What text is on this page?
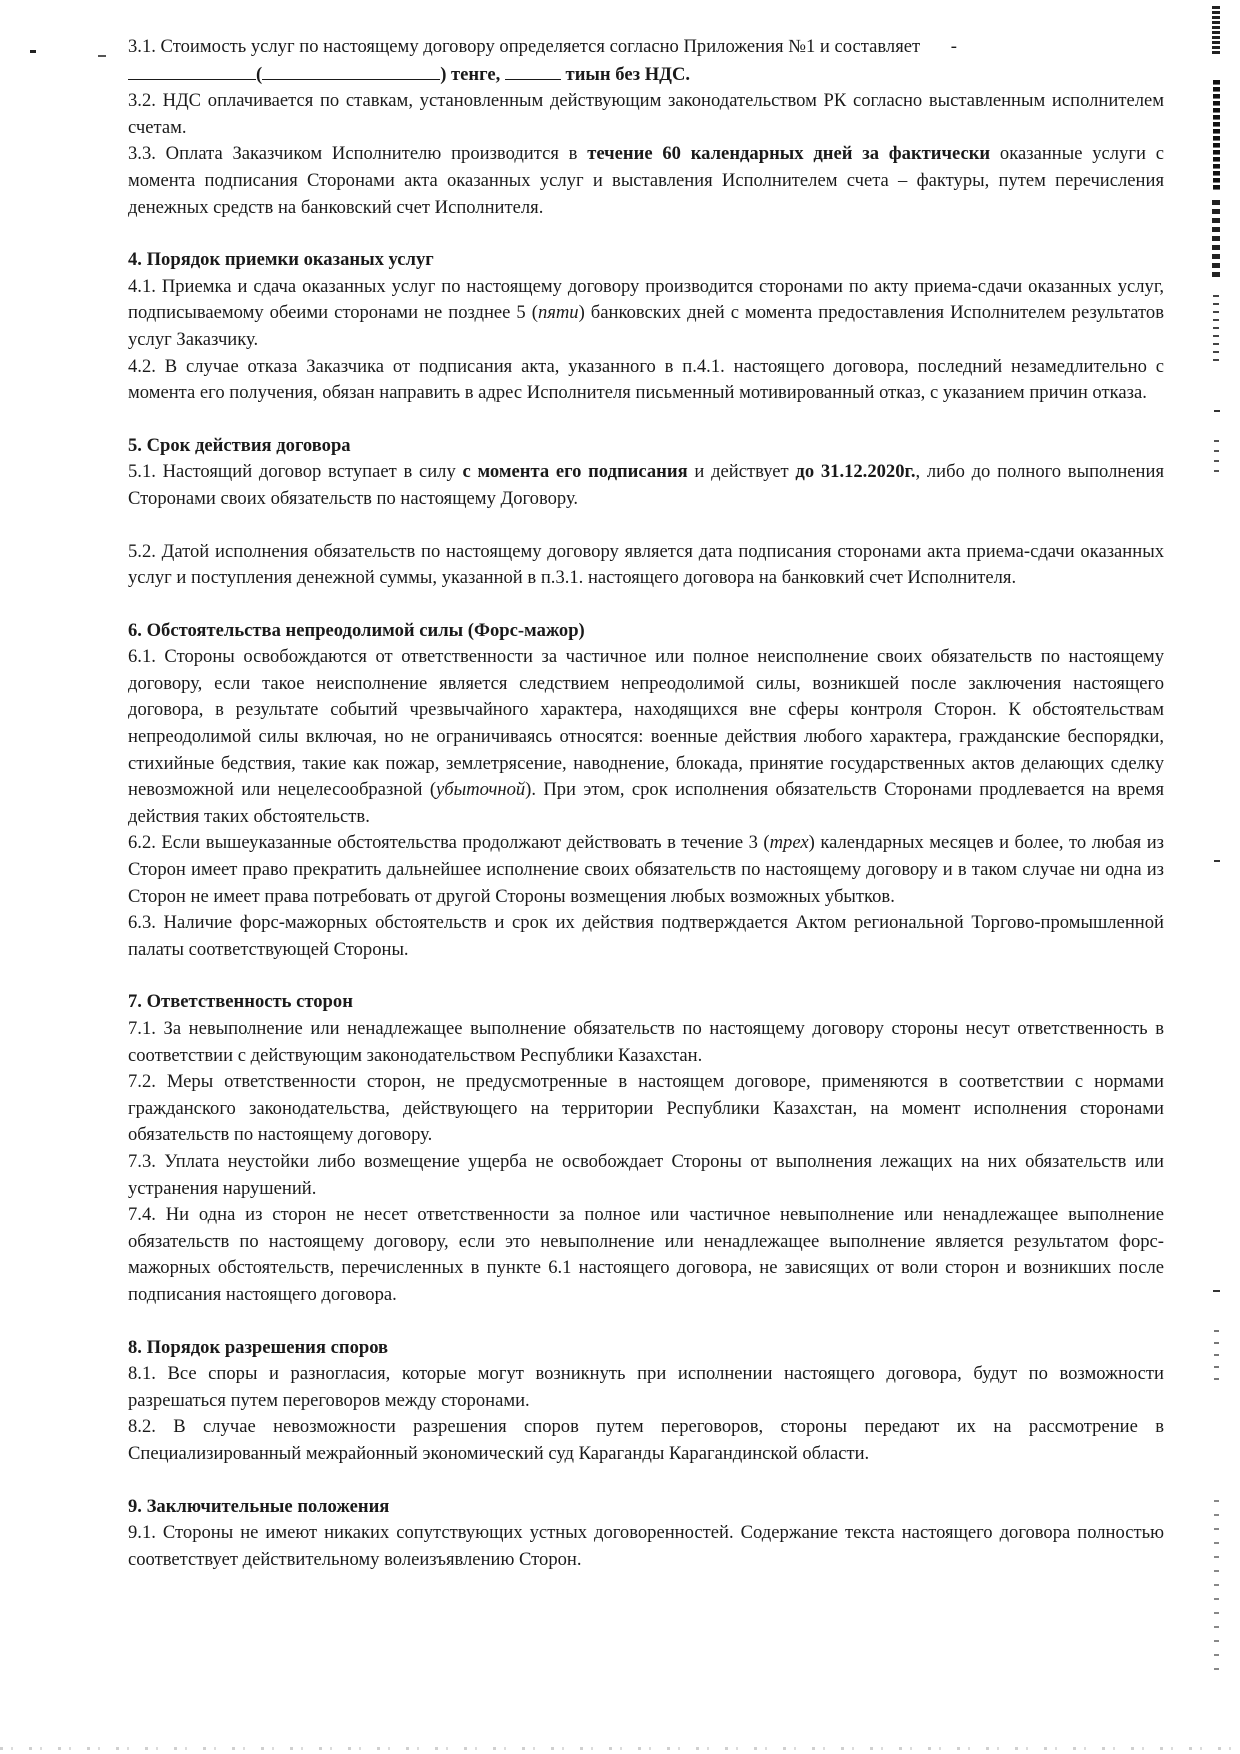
3.1. Стоимость услуг по настоящему договору определяется согласно Приложения №1 и составляет -
(	) тенге,	тиын без НДС.

3.2. НДС оплачивается по ставкам, установленным действующим законодательством РК согласно выставленным исполнителем счетам.

3.3. Оплата Заказчиком Исполнителю производится в течение 60 календарных дней за фактически оказанные услуги с момента подписания Сторонами акта оказанных услуг и выставления Исполнителем счета – фактуры, путем перечисления денежных средств на банковский счет Исполнителя.

4. Порядок приемки оказаных услуг

4.1. Приемка и сдача оказанных услуг по настоящему договору производится сторонами по акту приема-сдачи оказанных услуг, подписываемому обеими сторонами не позднее 5 (пяти) банковских дней с момента предоставления Исполнителем результатов услуг Заказчику.

4.2. В случае отказа Заказчика от подписания акта, указанного в п.4.1. настоящего договора, последний незамедлительно с момента его получения, обязан направить в адрес Исполнителя письменный мотивированный отказ, с указанием причин отказа.

5. Срок действия договора

5.1. Настоящий договор вступает в силу с момента его подписания и действует до 31.12.2020г., либо до полного выполнения Сторонами своих обязательств по настоящему Договору.

5.2. Датой исполнения обязательств по настоящему договору является дата подписания сторонами акта приема-сдачи оказанных услуг и поступления денежной суммы, указанной в п.3.1. настоящего договора на банковкий счет Исполнителя.

6. Обстоятельства непреодолимой силы (Форс-мажор)

6.1. Стороны освобождаются от ответственности за частичное или полное неисполнение своих обязательств по настоящему договору, если такое неисполнение является следствием непреодолимой силы, возникшей после заключения настоящего договора, в результате событий чрезвычайного характера, находящихся вне сферы контроля Сторон. К обстоятельствам непреодолимой силы включая, но не ограничиваясь относятся: военные действия любого характера, гражданские беспорядки, стихийные бедствия, такие как пожар, землетрясение, наводнение, блокада, принятие государственных актов делающих сделку невозможной или нецелесообразной (убыточной). При этом, срок исполнения обязательств Сторонами продлевается на время действия таких обстоятельств.

6.2. Если вышеуказанные обстоятельства продолжают действовать в течение 3 (трех) календарных месяцев и более, то любая из Сторон имеет право прекратить дальнейшее исполнение своих обязательств по настоящему договору и в таком случае ни одна из Сторон не имеет права потребовать от другой Стороны возмещения любых возможных убытков.

6.3. Наличие форс-мажорных обстоятельств и срок их действия подтверждается Актом региональной Торгово-промышленной палаты соответствующей Стороны.

7. Ответственность сторон

7.1. За невыполнение или ненадлежащее выполнение обязательств по настоящему договору стороны несут ответственность в соответствии с действующим законодательством Республики Казахстан.

7.2. Меры ответственности сторон, не предусмотренные в настоящем договоре, применяются в соответствии с нормами гражданского законодательства, действующего на территории Республики Казахстан, на момент исполнения сторонами обязательств по настоящему договору.

7.3. Уплата неустойки либо возмещение ущерба не освобождает Стороны от выполнения лежащих на них обязательств или устранения нарушений.

7.4. Ни одна из сторон не несет ответственности за полное или частичное невыполнение или ненадлежащее выполнение обязательств по настоящему договору, если это невыполнение или ненадлежащее выполнение является результатом форс-мажорных обстоятельств, перечисленных в пункте 6.1 настоящего договора, не зависящих от воли сторон и возникших после подписания настоящего договора.

8. Порядок разрешения споров

8.1. Все споры и разногласия, которые могут возникнуть при исполнении настоящего договора, будут по возможности разрешаться путем переговоров между сторонами.

8.2. В случае невозможности разрешения споров путем переговоров, стороны передают их на рассмотрение в Специализированный межрайонный экономический суд Караганды Карагандинской области.

9. Заключительные положения

9.1. Стороны не имеют никаких сопутствующих устных договоренностей. Содержание текста настоящего договора полностью соответствует действительному волеизъявлению Сторон.
